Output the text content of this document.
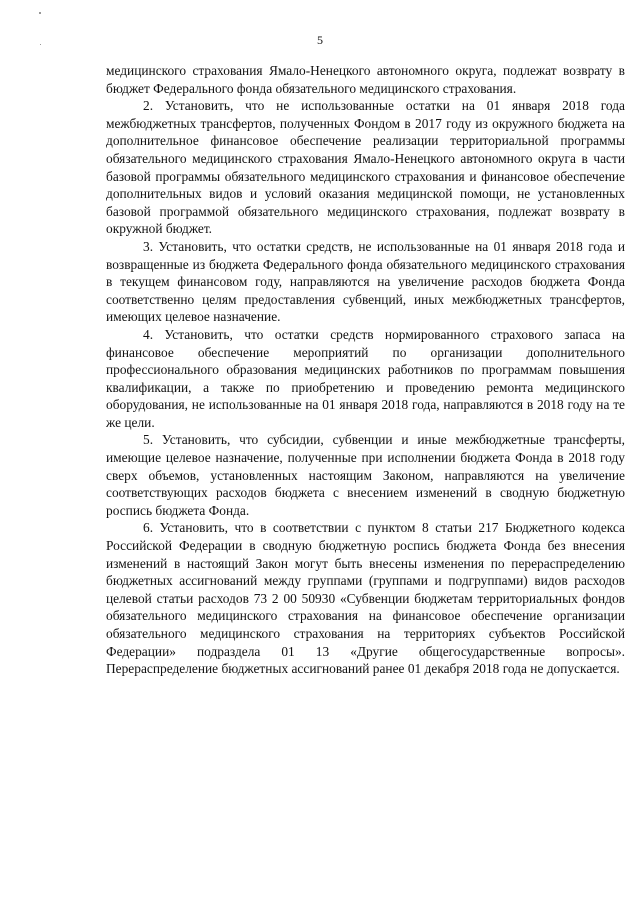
5

медицинского страхования Ямало-Ненецкого автономного округа, подлежат возврату в бюджет Федерального фонда обязательного медицинского страхования.

2. Установить, что не использованные остатки на 01 января 2018 года межбюджетных трансфертов, полученных Фондом в 2017 году из окружного бюджета на дополнительное финансовое обеспечение реализации территориальной программы обязательного медицинского страхования Ямало-Ненецкого автономного округа в части базовой программы обязательного медицинского страхования и финансовое обеспечение дополнительных видов и условий оказания медицинской помощи, не установленных базовой программой обязательного медицинского страхования, подлежат возврату в окружной бюджет.

3. Установить, что остатки средств, не использованные на 01 января 2018 года и возвращенные из бюджета Федерального фонда обязательного медицинского страхования в текущем финансовом году, направляются на увеличение расходов бюджета Фонда соответственно целям предоставления субвенций, иных межбюджетных трансфертов, имеющих целевое назначение.

4. Установить, что остатки средств нормированного страхового запаса на финансовое обеспечение мероприятий по организации дополнительного профессионального образования медицинских работников по программам повышения квалификации, а также по приобретению и проведению ремонта медицинского оборудования, не использованные на 01 января 2018 года, направляются в 2018 году на те же цели.

5. Установить, что субсидии, субвенции и иные межбюджетные трансферты, имеющие целевое назначение, полученные при исполнении бюджета Фонда в 2018 году сверх объемов, установленных настоящим Законом, направляются на увеличение соответствующих расходов бюджета с внесением изменений в сводную бюджетную роспись бюджета Фонда.

6. Установить, что в соответствии с пунктом 8 статьи 217 Бюджетного кодекса Российской Федерации в сводную бюджетную роспись бюджета Фонда без внесения изменений в настоящий Закон могут быть внесены изменения по перераспределению бюджетных ассигнований между группами (группами и подгруппами) видов расходов целевой статьи расходов 73 2 00 50930 «Субвенции бюджетам территориальных фондов обязательного медицинского страхования на финансовое обеспечение организации обязательного медицинского страхования на территориях субъектов Российской Федерации» подраздела 01 13 «Другие общегосударственные вопросы». Перераспределение бюджетных ассигнований ранее 01 декабря 2018 года не допускается.
